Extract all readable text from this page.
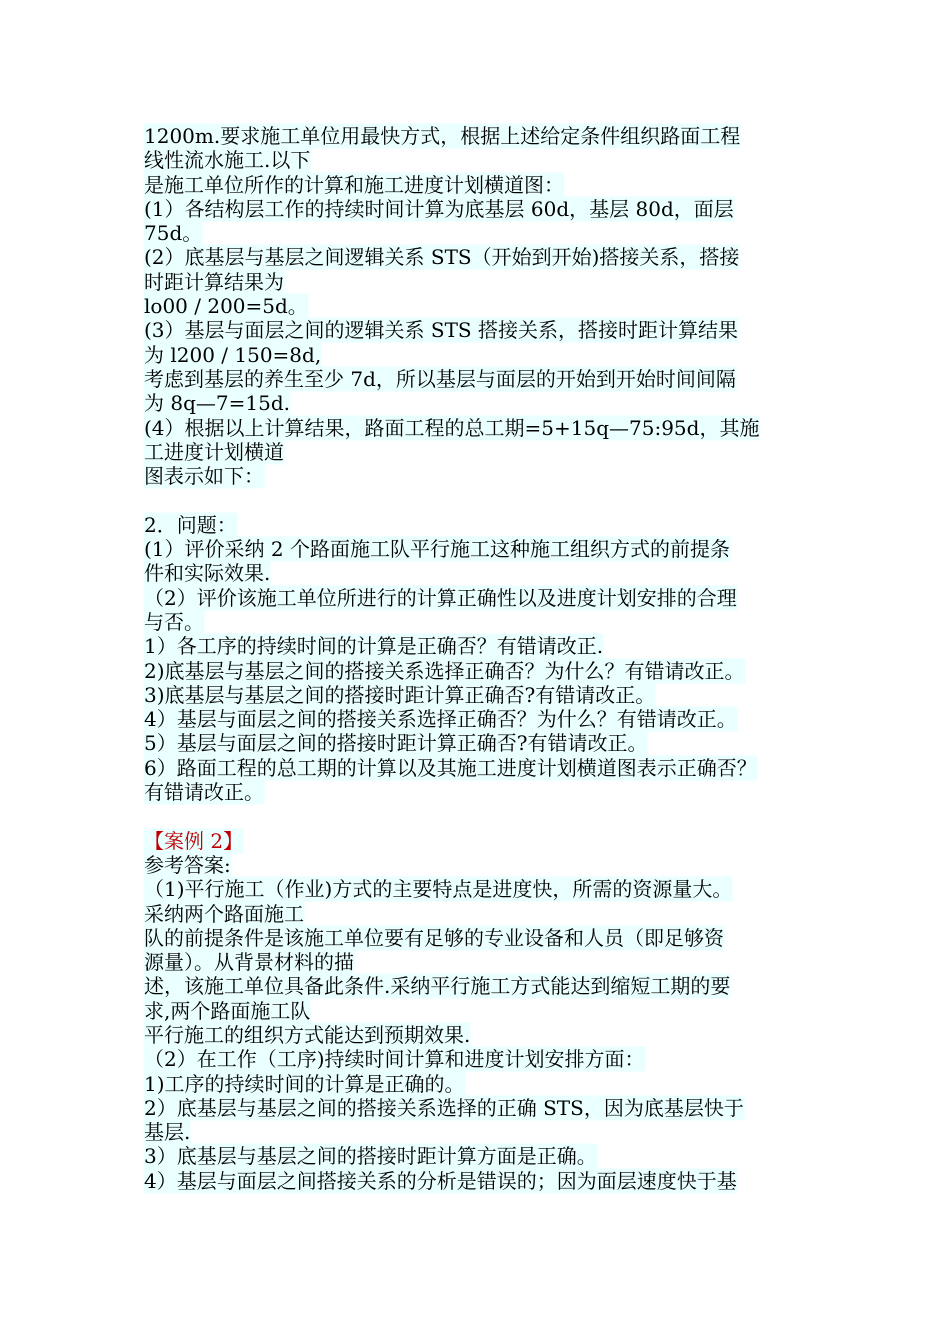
1200m.要求施工单位用最快方式，根据上述给定条件组织路面工程
线性流水施工.以下
是施工单位所作的计算和施工进度计划横道图：
(1）各结构层工作的持续时间计算为底基层 60d，基层 80d，面层
75d。
(2）底基层与基层之间逻辑关系 STS（开始到开始)搭接关系，搭接
时距计算结果为
lo00 / 200=5d。
(3）基层与面层之间的逻辑关系 STS 搭接关系，搭接时距计算结果
为 l200 / 150=8d,
考虑到基层的养生至少 7d，所以基层与面层的开始到开始时间间隔
为 8q—7=15d.
(4）根据以上计算结果，路面工程的总工期=5+15q—75:95d，其施
工进度计划横道
图表示如下：
2．问题：
(1）评价采纳 2 个路面施工队平行施工这种施工组织方式的前提条
件和实际效果.
（2）评价该施工单位所进行的计算正确性以及进度计划安排的合理
与否。
1）各工序的持续时间的计算是正确否？有错请改正.
2)底基层与基层之间的搭接关系选择正确否？为什么？有错请改正。
3)底基层与基层之间的搭接时距计算正确否?有错请改正。
4）基层与面层之间的搭接关系选择正确否？为什么？有错请改正。
5）基层与面层之间的搭接时距计算正确否?有错请改正。
6）路面工程的总工期的计算以及其施工进度计划横道图表示正确否？
有错请改正。
【案例 2】
参考答案:
（1)平行施工（作业)方式的主要特点是进度快，所需的资源量大。
采纳两个路面施工
队的前提条件是该施工单位要有足够的专业设备和人员（即足够资
源量）。从背景材料的描
述，该施工单位具备此条件.采纳平行施工方式能达到缩短工期的要
求,两个路面施工队
平行施工的组织方式能达到预期效果.
（2）在工作（工序)持续时间计算和进度计划安排方面：
1)工序的持续时间的计算是正确的。
2）底基层与基层之间的搭接关系选择的正确 STS，因为底基层快于
基层.
3）底基层与基层之间的搭接时距计算方面是正确。
4）基层与面层之间搭接关系的分析是错误的；因为面层速度快于基
